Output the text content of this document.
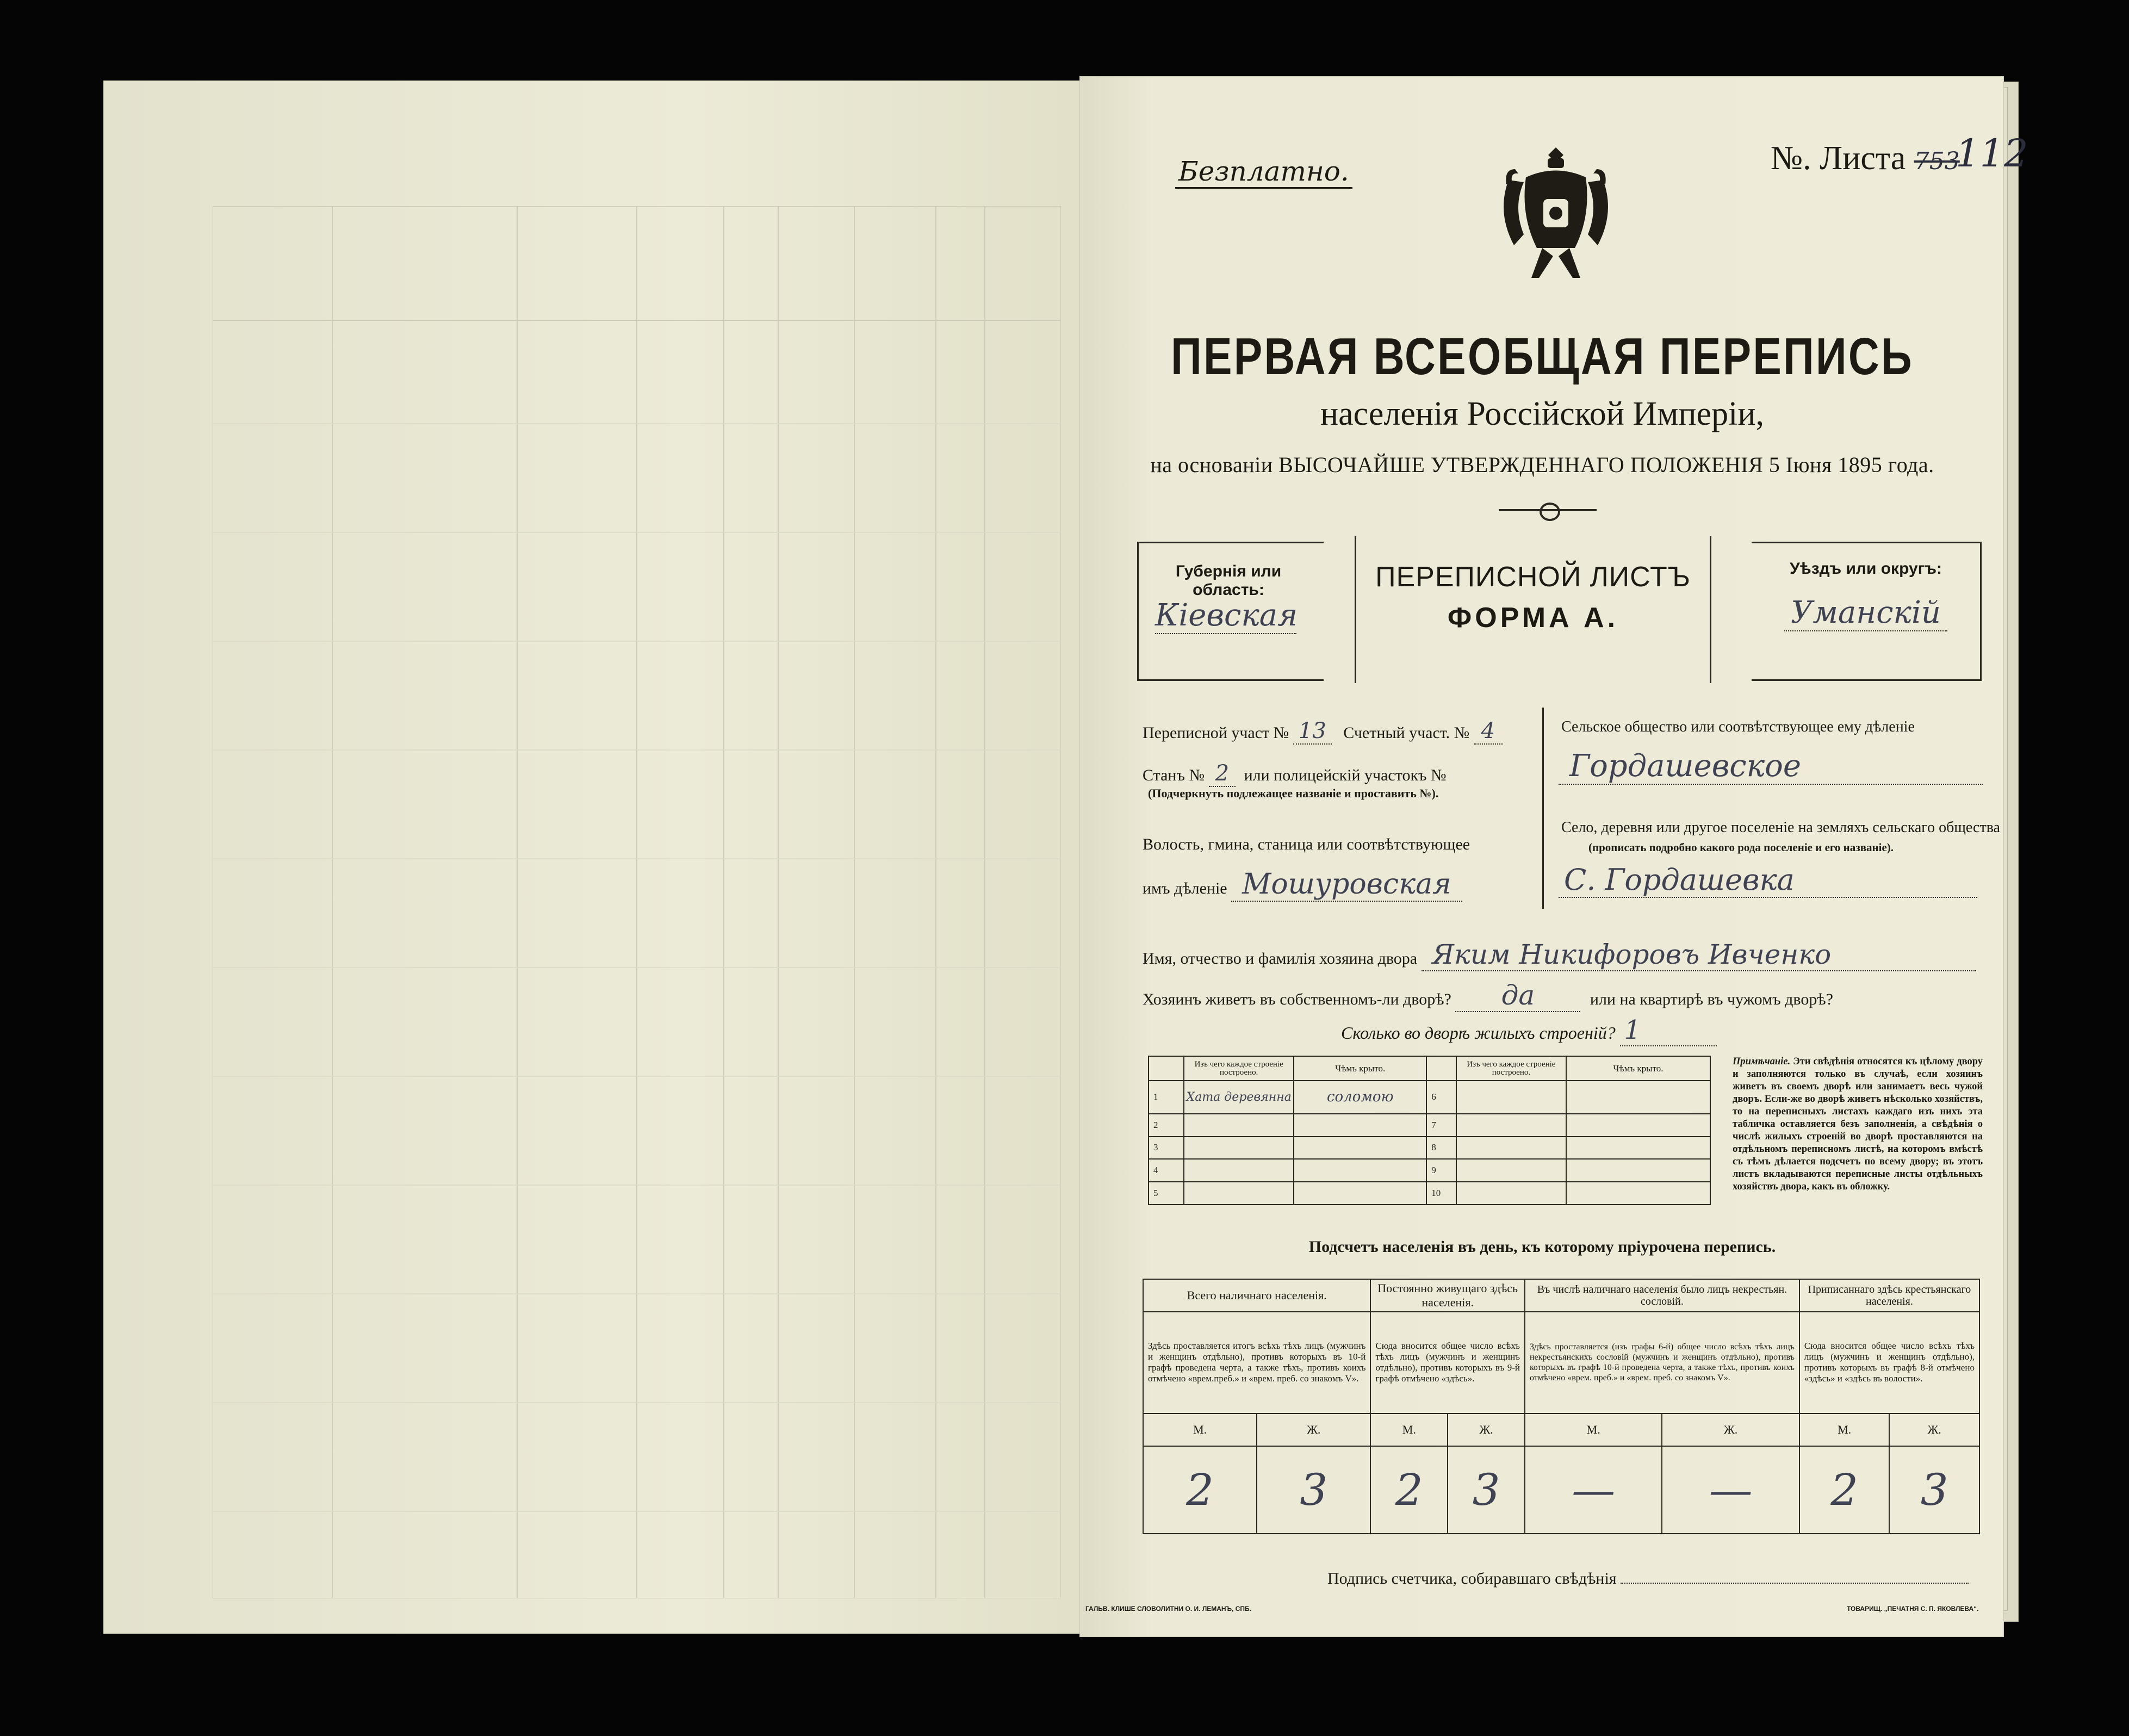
Безплатно.	№. Листа 753
112
ПЕРВАЯ ВСЕОБЩАЯ ПЕРЕПИСЬ
населенія Россійской Имперіи,
на основаніи ВЫСОЧАЙШЕ УТВЕРЖДЕННАГО ПОЛОЖЕНІЯ 5 Іюня 1895 года.
Губернія или область:
Кіевская
ПЕРЕПИСНОЙ ЛИСТЪ
ФОРМА А.
Уѣздъ или округъ:
Уманскій
Переписной участ № 13 Счетный участ. № 4
Станъ № 2 или полицейскій участокъ №
(Подчеркнуть подлежащее названіе и проставить №).
Волость, гмина, станица или соотвѣтствующее
имъ дѣленіе Мошуровская
Сельское общество или соотвѣтствующее ему дѣленіе
Гордашевское
Село, деревня или другое поселеніе на земляхъ сельскаго общества
(прописать подробно какого рода поселеніе и его названіе).
С. Гордашевка
Имя, отчество и фамилія хозяина двора Яким Никифоровъ Ивченко
Хозяинъ живетъ въ собственномъ-ли дворѣ? да	или на квартирѣ въ чужомъ дворѣ?
Сколько во дворѣ жилыхъ строеній? 1
	Изъ чего каждое строеніе построено.	Чѣмъ крыто.		Изъ чего каждое строеніе построено.	Чѣмъ крыто.
1	Хата деревянна	соломою	6		
2			7		
3			8		
4			9		
5			10		
Примѣчаніе. Эти свѣдѣнія относятся къ цѣлому двору и заполняются только въ случаѣ, если хозяинъ живетъ въ своемъ дворѣ или занимаетъ весь чужой дворъ. Если-же во дворѣ живетъ нѣсколько хозяйствъ, то на переписныхъ листахъ каждаго изъ нихъ эта табличка оставляется безъ заполненія, а свѣдѣнія о числѣ жилыхъ строеній во дворѣ проставляются на отдѣльномъ переписномъ листѣ, на которомъ вмѣстѣ съ тѣмъ дѣлается подсчетъ по всему двору; въ этотъ листъ вкладываются переписные листы отдѣльныхъ хозяйствъ двора, какъ въ обложку.
Подсчетъ населенія въ день, къ которому пріурочена перепись.
Всего наличнаго населенія.		Постоянно живущаго здѣсь населенія.		Въ числѣ наличнаго населенія было лицъ некрестьян. сословій.		Приписаннаго здѣсь крестьянскаго населенія.	
Здѣсь проставляется итогъ всѣхъ тѣхъ лицъ (мужчинъ и женщинъ отдѣльно), противъ которыхъ въ 10-й графѣ проведена черта, а также тѣхъ, противъ коихъ отмѣчено «врем.преб.» и «врем. преб. со знакомъ V».		Сюда вносится общее число всѣхъ тѣхъ лицъ (мужчинъ и женщинъ отдѣльно), противъ которыхъ въ 9-й графѣ отмѣчено «здѣсь».		Здѣсь проставляется (изъ графы 6-й) общее число всѣхъ тѣхъ лицъ некрестьянскихъ сословій (мужчинъ и женщинъ отдѣльно), противъ которыхъ въ графѣ 10-й проведена черта, а также тѣхъ, противъ коихъ отмѣчено «врем. преб.» и «врем. преб. со знакомъ V».		Сюда вносится общее число всѣхъ тѣхъ лицъ (мужчинъ и женщинъ отдѣльно), противъ которыхъ въ графѣ 8-й отмѣчено «здѣсь» и «здѣсь въ волости».	
М.	Ж.	М.	Ж.	М.	Ж.	М.	Ж.
2	3	2	3	—	—	2	3
Подпись счетчика, собиравшаго свѣдѣнія
ГАЛЬВ. КЛИШЕ СЛОВОЛИТНИ О. И. ЛЕМАНЪ, СПБ.	ТОВАРИЩ. „ПЕЧАТНЯ С. П. ЯКОВЛЕВА“.
